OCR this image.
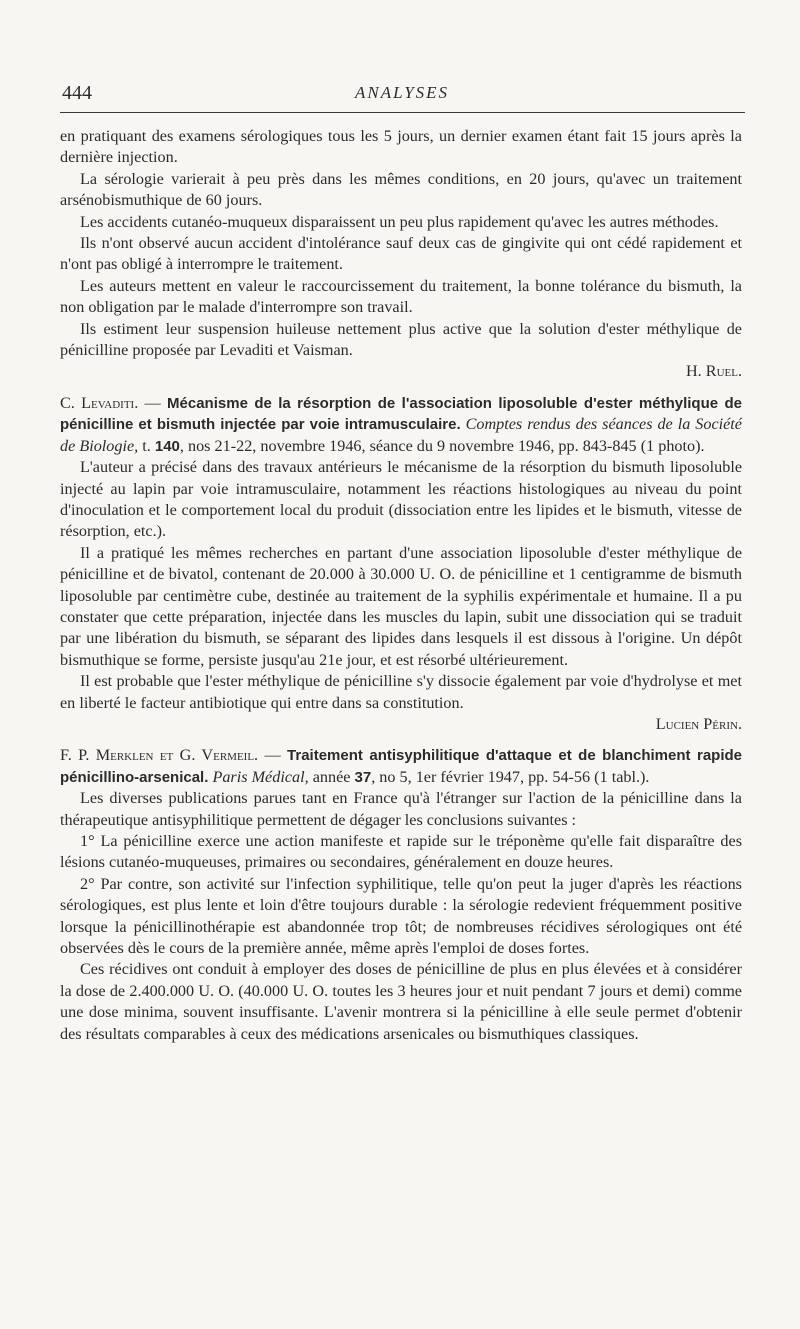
444	ANALYSES

en pratiquant des examens sérologiques tous les 5 jours, un dernier examen étant fait 15 jours après la dernière injection.

La sérologie varierait à peu près dans les mêmes conditions, en 20 jours, qu'avec un traitement arsénobismuthique de 60 jours.

Les accidents cutanéo-muqueux disparaissent un peu plus rapidement qu'avec les autres méthodes.

Ils n'ont observé aucun accident d'intolérance sauf deux cas de gingivite qui ont cédé rapidement et n'ont pas obligé à interrompre le traitement.

Les auteurs mettent en valeur le raccourcissement du traitement, la bonne tolérance du bismuth, la non obligation par le malade d'interrompre son travail.

Ils estiment leur suspension huileuse nettement plus active que la solution d'ester méthylique de pénicilline proposée par Levaditi et Vaisman.

H. Ruel.
C. Levaditi. — Mécanisme de la résorption de l'association liposoluble d'ester méthylique de pénicilline et bismuth injectée par voie intramusculaire. Comptes rendus des séances de la Société de Biologie, t. 140, nos 21-22, novembre 1946, séance du 9 novembre 1946, pp. 843-845 (1 photo).

L'auteur a précisé dans des travaux antérieurs le mécanisme de la résorption du bismuth liposoluble injecté au lapin par voie intramusculaire, notamment les réactions histologiques au niveau du point d'inoculation et le comportement local du produit (dissociation entre les lipides et le bismuth, vitesse de résorption, etc.).

Il a pratiqué les mêmes recherches en partant d'une association liposoluble d'ester méthylique de pénicilline et de bivatol, contenant de 20.000 à 30.000 U. O. de pénicilline et 1 centigramme de bismuth liposoluble par centimètre cube, destinée au traitement de la syphilis expérimentale et humaine. Il a pu constater que cette préparation, injectée dans les muscles du lapin, subit une dissociation qui se traduit par une libération du bismuth, se séparant des lipides dans lesquels il est dissous à l'origine. Un dépôt bismuthique se forme, persiste jusqu'au 21e jour, et est résorbé ultérieurement.

Il est probable que l'ester méthylique de pénicilline s'y dissocie également par voie d'hydrolyse et met en liberté le facteur antibiotique qui entre dans sa constitution.

Lucien Périn.
F. P. Merklen et G. Vermeil. — Traitement antisyphilitique d'attaque et de blanchiment rapide pénicillino-arsenical. Paris Médical, année 37, no 5, 1er février 1947, pp. 54-56 (1 tabl.).

Les diverses publications parues tant en France qu'à l'étranger sur l'action de la pénicilline dans la thérapeutique antisyphilitique permettent de dégager les conclusions suivantes :

1° La pénicilline exerce une action manifeste et rapide sur le tréponème qu'elle fait disparaître des lésions cutanéo-muqueuses, primaires ou secondaires, généralement en douze heures.

2° Par contre, son activité sur l'infection syphilitique, telle qu'on peut la juger d'après les réactions sérologiques, est plus lente et loin d'être toujours durable : la sérologie redevient fréquemment positive lorsque la pénicillinothérapie est abandonnée trop tôt; de nombreuses récidives sérologiques ont été observées dès le cours de la première année, même après l'emploi de doses fortes.

Ces récidives ont conduit à employer des doses de pénicilline de plus en plus élevées et à considérer la dose de 2.400.000 U. O. (40.000 U. O. toutes les 3 heures jour et nuit pendant 7 jours et demi) comme une dose minima, souvent insuffisante. L'avenir montrera si la pénicilline à elle seule permet d'obtenir des résultats comparables à ceux des médications arsenicales ou bismuthiques classiques.
